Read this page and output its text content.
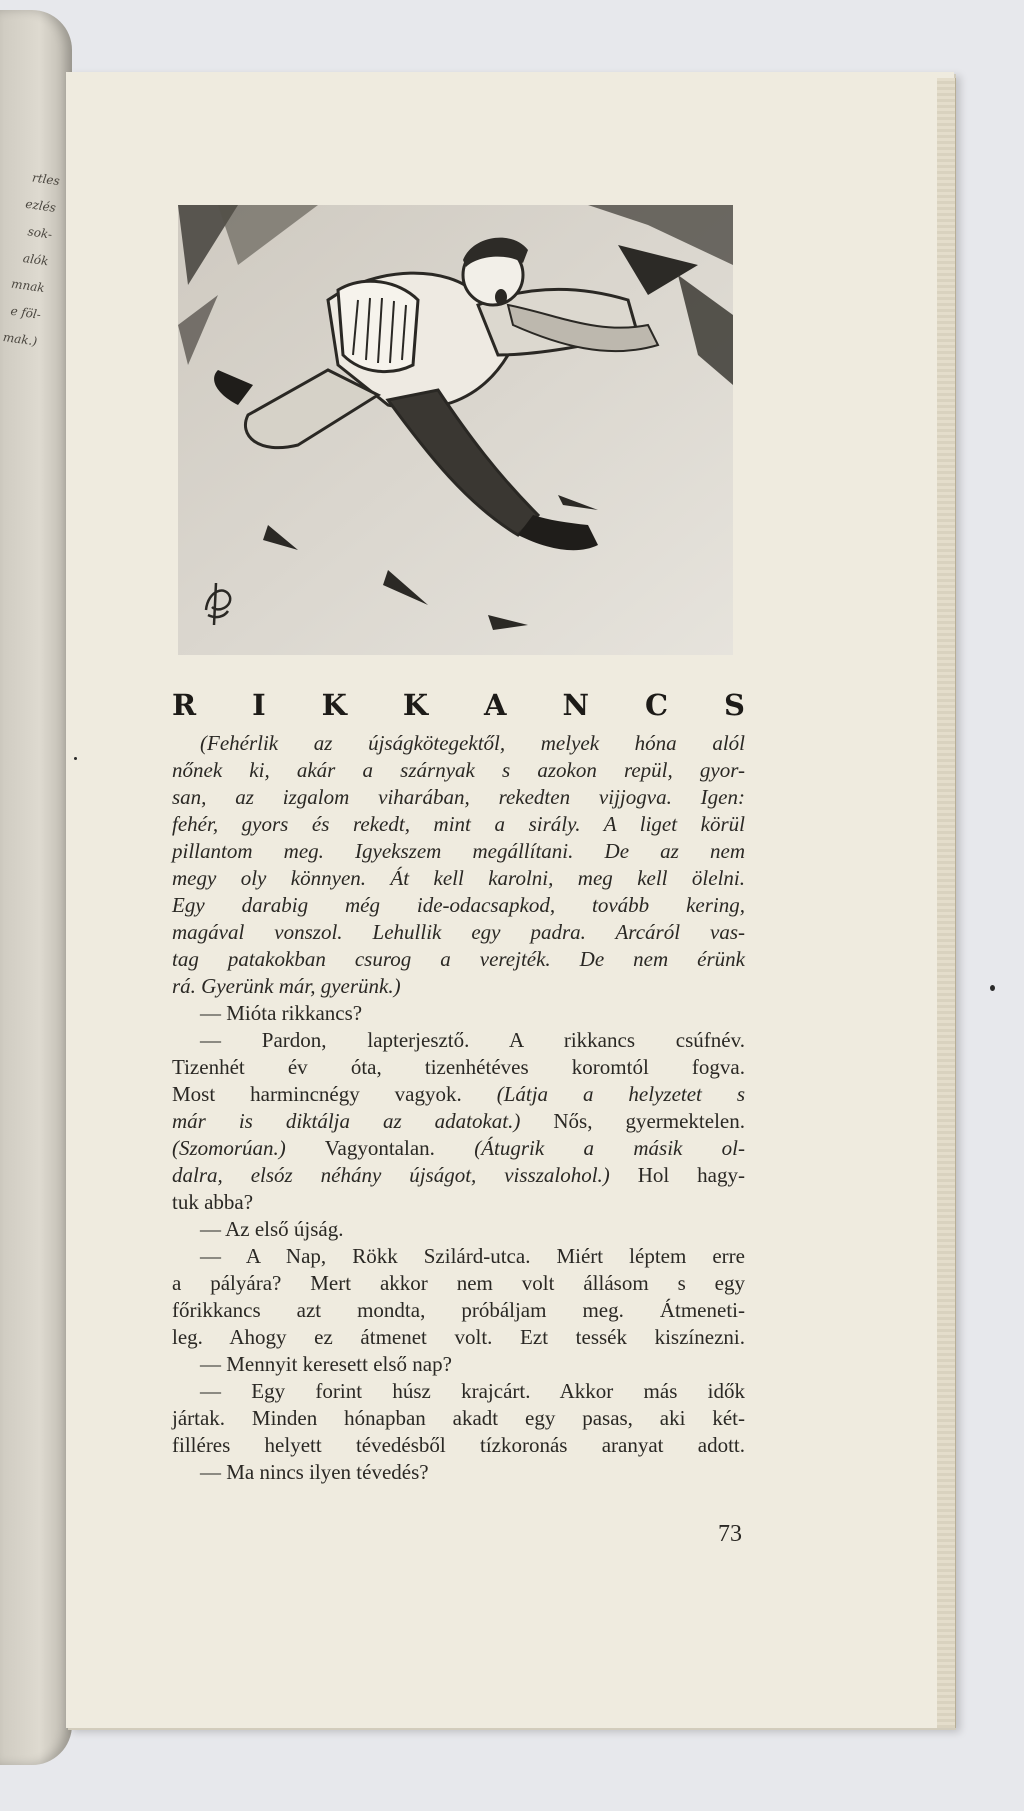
rtles
ezlés
sok-
alók
mnak
e föl-
mak.)
R I K K A N C S
(Fehérlik az újságkötegektől, melyek hóna alól
nőnek ki, akár a szárnyak s azokon repül, gyor-
san, az izgalom viharában, rekedten vijjogva. Igen:
fehér, gyors és rekedt, mint a sirály. A liget körül
pillantom meg. Igyekszem megállítani. De az nem
megy oly könnyen. Át kell karolni, meg kell ölelni.
Egy darabig még ide-odacsapkod, tovább kering,
magával vonszol. Lehullik egy padra. Arcáról vas-
tag patakokban csurog a verejték. De nem érünk
rá. Gyerünk már, gyerünk.)
— Mióta rikkancs?
— Pardon, lapterjesztő. A rikkancs csúfnév.
Tizenhét év óta, tizenhétéves koromtól fogva.
Most harmincnégy vagyok. (Látja a helyzetet s
már is diktálja az adatokat.) Nős, gyermektelen.
(Szomorúan.) Vagyontalan. (Átugrik a másik ol-
dalra, elsóz néhány újságot, visszalohol.) Hol hagy-
tuk abba?
— Az első újság.
— A Nap, Rökk Szilárd-utca. Miért léptem erre
a pályára? Mert akkor nem volt állásom s egy
főrikkancs azt mondta, próbáljam meg. Átmeneti-
leg. Ahogy ez átmenet volt. Ezt tessék kiszínezni.
— Mennyit keresett első nap?
— Egy forint húsz krajcárt. Akkor más idők
jártak. Minden hónapban akadt egy pasas, aki két-
filléres helyett tévedésből tízkoronás aranyat adott.
— Ma nincs ilyen tévedés?
73
